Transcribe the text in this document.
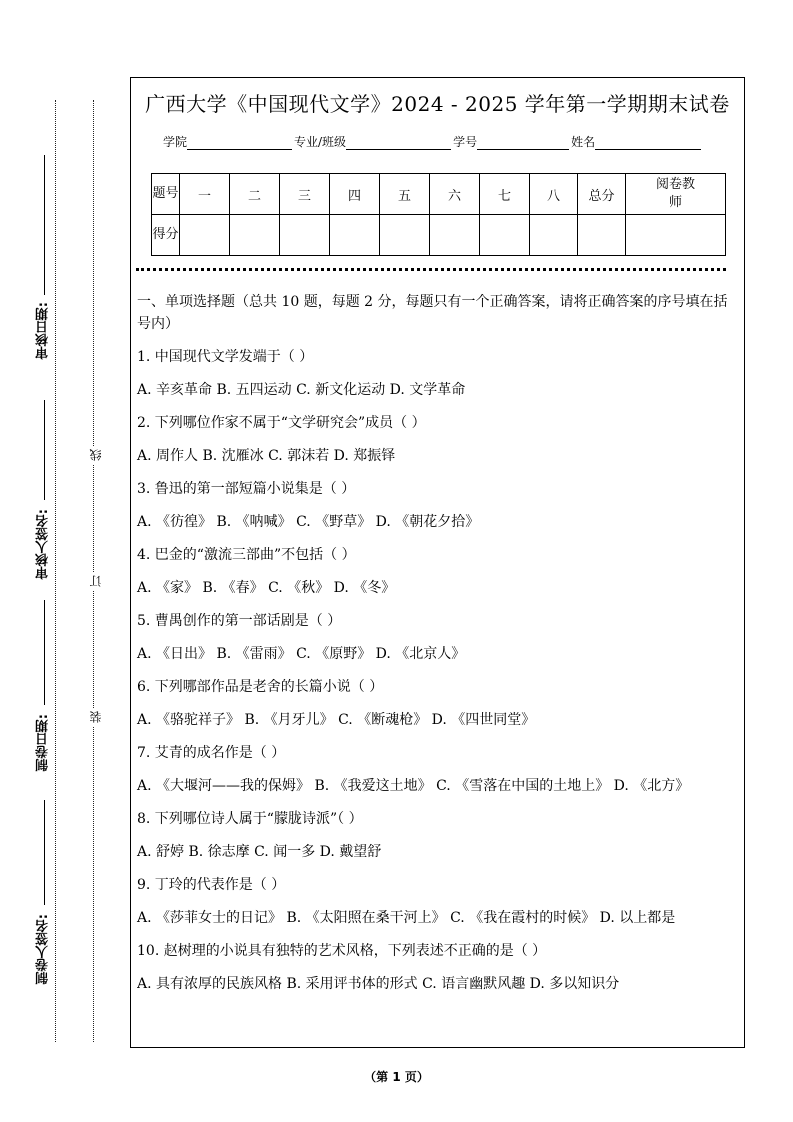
审核日期:
审核人签名:
制卷日期:
制卷人签名:
线
订
装
广西大学《中国现代文学》2024 - 2025 学年第一学期期末试卷
学院	专业/班级	学号	姓名
题号	一	二	三	四	五	六	七	八	总分	阅卷教师
得分										

一、单项选择题（总共 10 题，每题 2 分，每题只有一个正确答案，请将正确答案的序号填在括号内）

1. 中国现代文学发端于（ ）

A. 辛亥革命 B. 五四运动 C. 新文化运动 D. 文学革命

2. 下列哪位作家不属于“文学研究会”成员（ ）

A. 周作人 B. 沈雁冰 C. 郭沫若 D. 郑振铎

3. 鲁迅的第一部短篇小说集是（ ）

A. 《彷徨》 B. 《呐喊》 C. 《野草》 D. 《朝花夕拾》

4. 巴金的“激流三部曲”不包括（ ）

A. 《家》 B. 《春》 C. 《秋》 D. 《冬》

5. 曹禺创作的第一部话剧是（ ）

A. 《日出》 B. 《雷雨》 C. 《原野》 D. 《北京人》

6. 下列哪部作品是老舍的长篇小说（ ）

A. 《骆驼祥子》 B. 《月牙儿》 C. 《断魂枪》 D. 《四世同堂》

7. 艾青的成名作是（ ）

A. 《大堰河——我的保姆》 B. 《我爱这土地》 C. 《雪落在中国的土地上》 D. 《北方》

8. 下列哪位诗人属于“朦胧诗派”（ ）

A. 舒婷 B. 徐志摩 C. 闻一多 D. 戴望舒

9. 丁玲的代表作是（ ）

A. 《莎菲女士的日记》 B. 《太阳照在桑干河上》 C. 《我在霞村的时候》 D. 以上都是

10. 赵树理的小说具有独特的艺术风格，下列表述不正确的是（ ）

A. 具有浓厚的民族风格 B. 采用评书体的形式 C. 语言幽默风趣 D. 多以知识分

（第 1 页）
